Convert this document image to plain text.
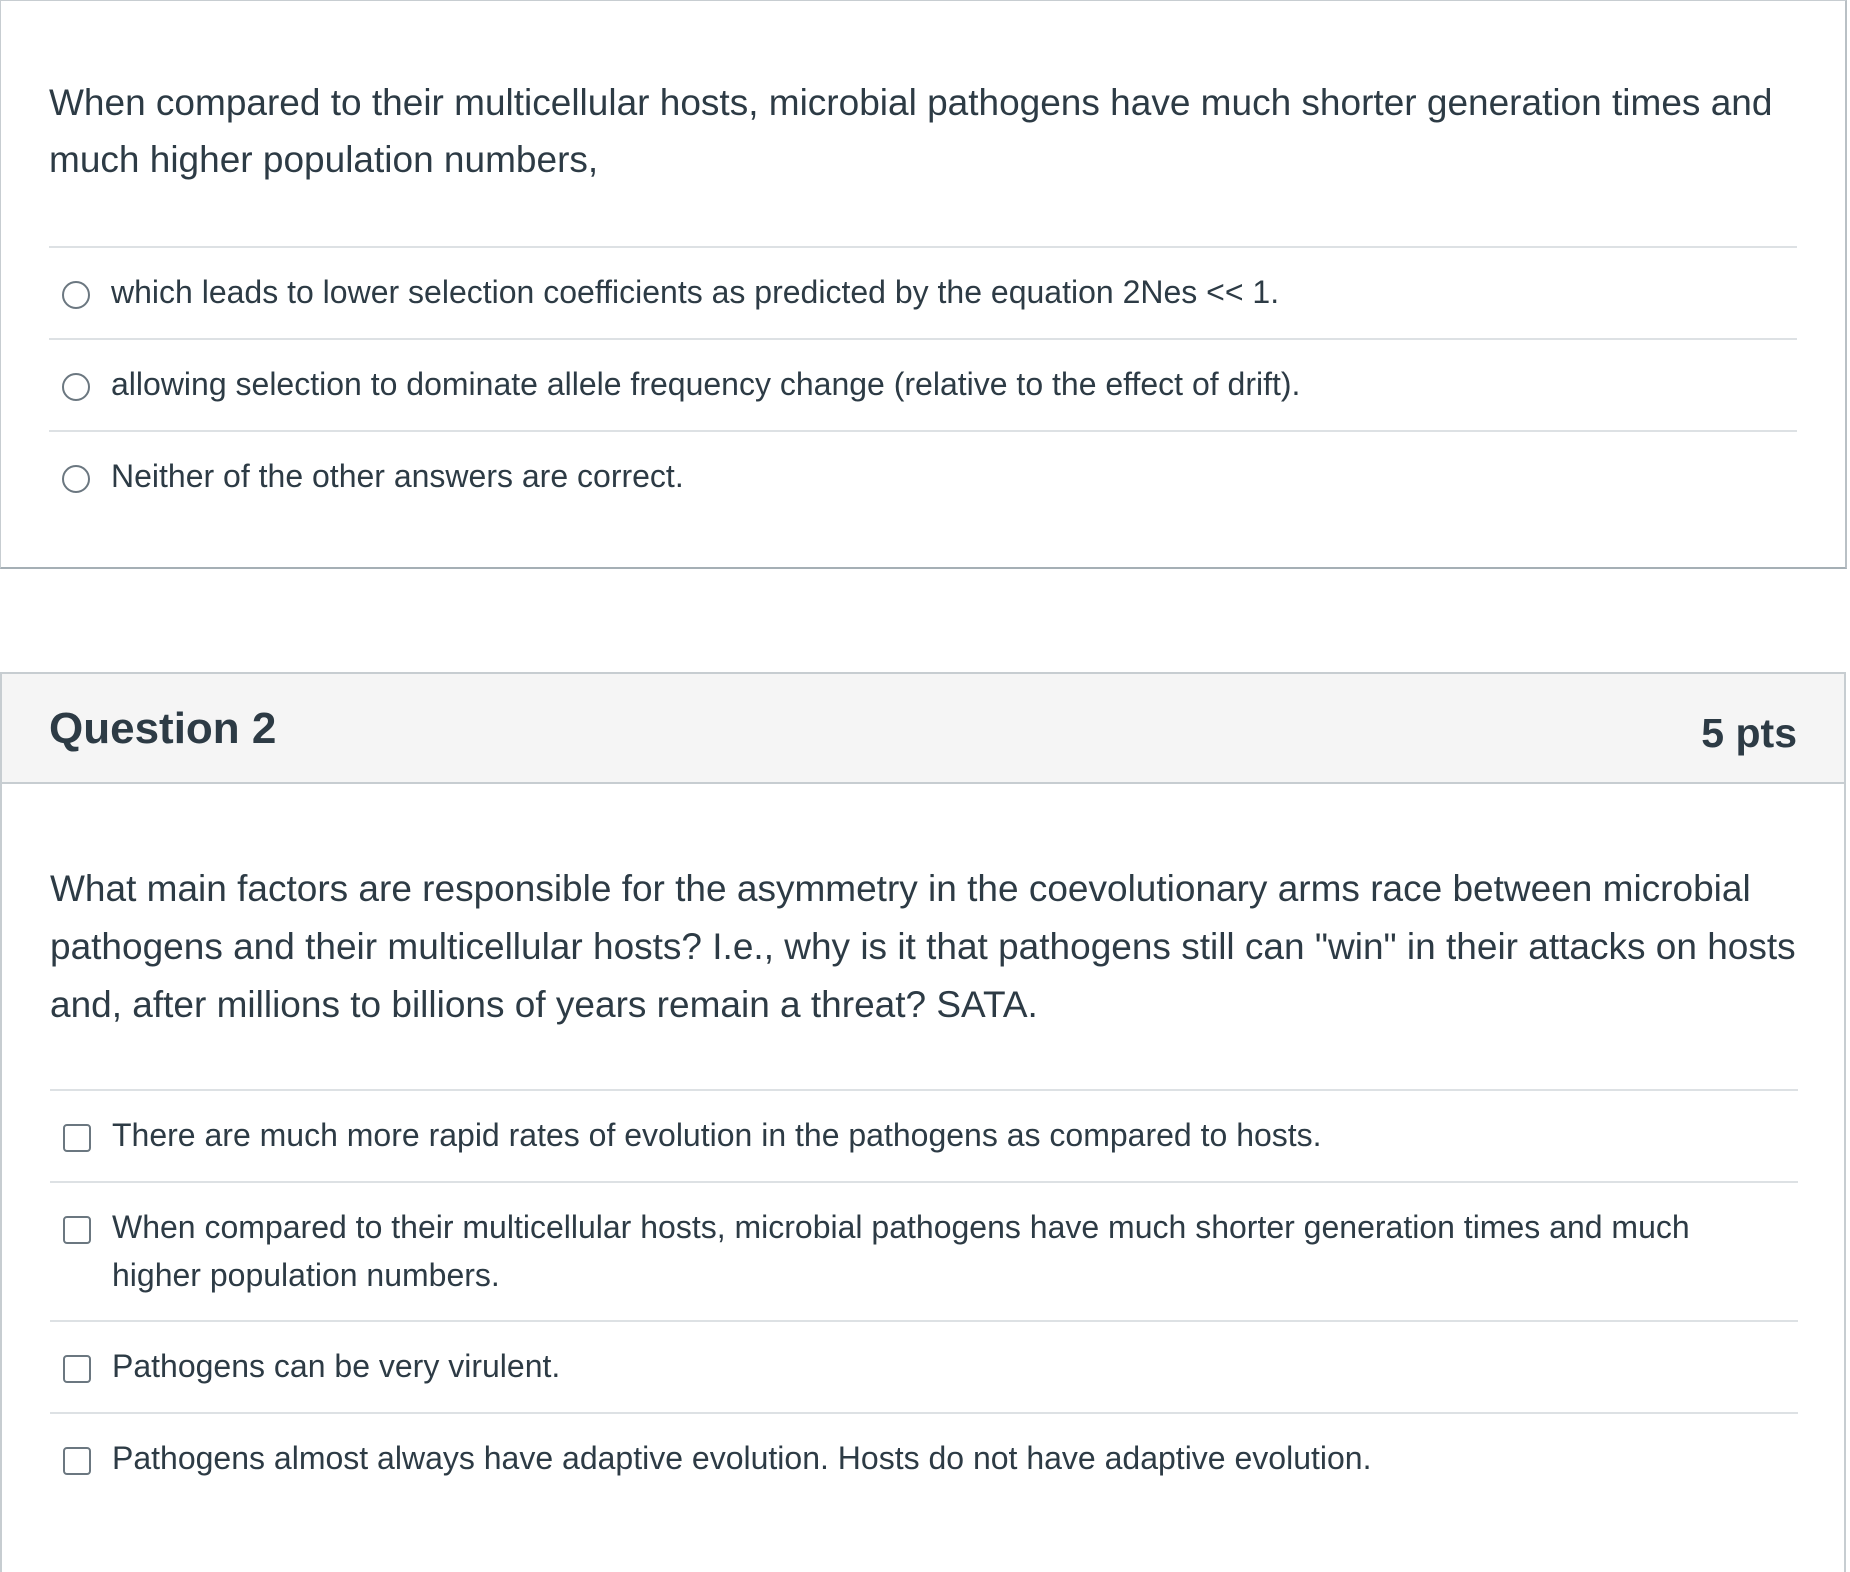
When compared to their multicellular hosts, microbial pathogens have much shorter generation times and much higher population numbers,

which leads to lower selection coefficients as predicted by the equation 2Nes << 1.
allowing selection to dominate allele frequency change (relative to the effect of drift).
Neither of the other answers are correct.
Question 2	5 pts

What main factors are responsible for the asymmetry in the coevolutionary arms race between microbial pathogens and their multicellular hosts? I.e., why is it that pathogens still can "win" in their attacks on hosts and, after millions to billions of years remain a threat? SATA.

There are much more rapid rates of evolution in the pathogens as compared to hosts.
When compared to their multicellular hosts, microbial pathogens have much shorter generation times and much higher population numbers.
Pathogens can be very virulent.
Pathogens almost always have adaptive evolution. Hosts do not have adaptive evolution.
